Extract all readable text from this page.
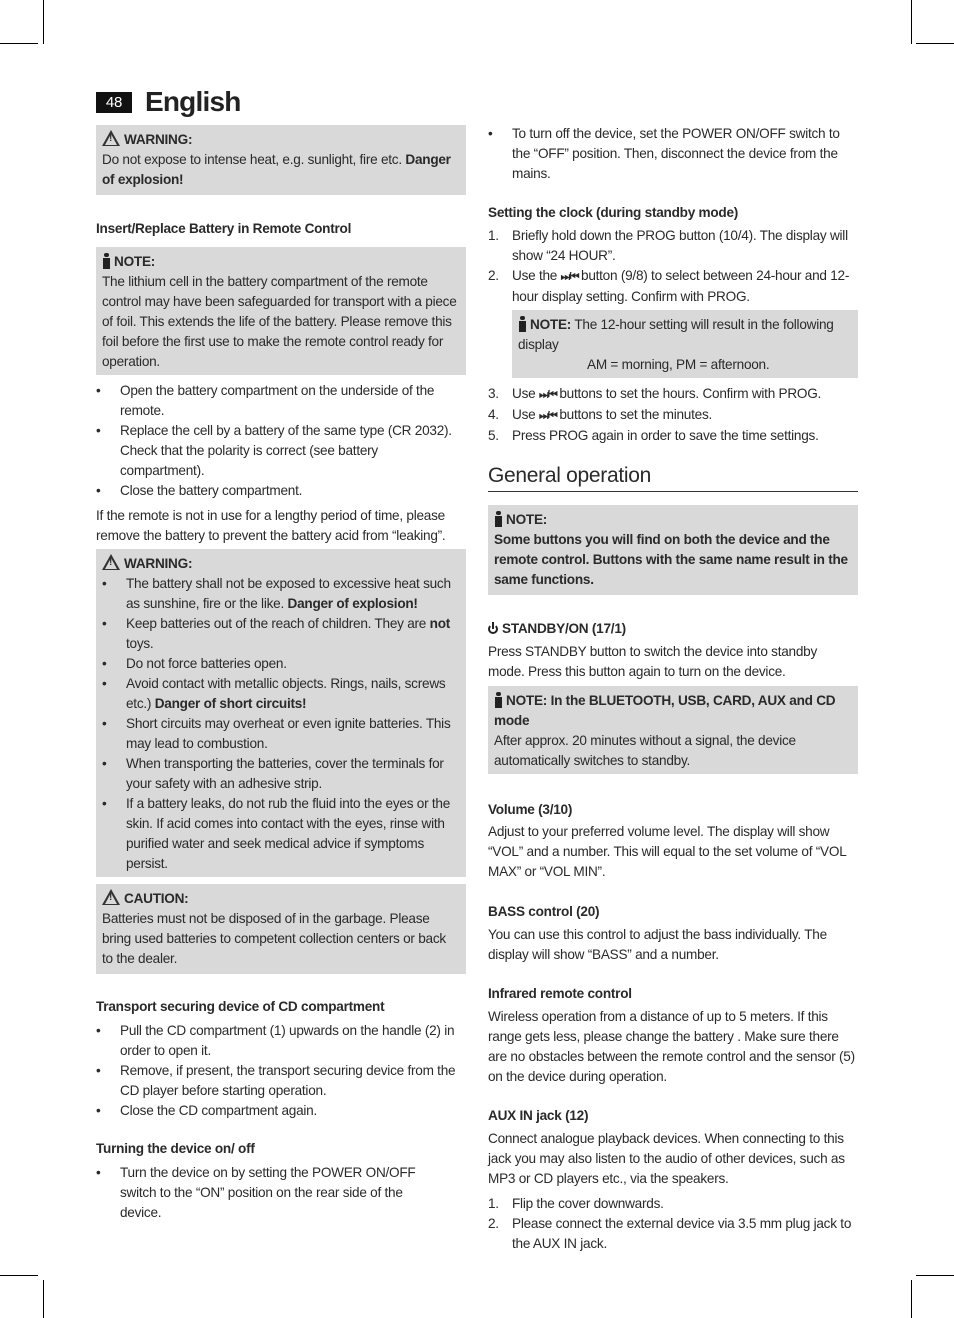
48 English

!WARNING:

Do not expose to intense heat, e.g. sunlight, fire etc. Danger of explosion!

Insert/Replace Battery in Remote Control

NOTE:

The lithium cell in the battery compartment of the remote control may have been safeguarded for transport with a piece of foil. This extends the life of the battery. Please remove this foil before the first use to make the remote control ready for operation.

• Open the battery compartment on the underside of the remote.
• Replace the cell by a battery of the same type (CR 2032). Check that the polarity is correct (see battery compartment).
• Close the battery compartment.

If the remote is not in use for a lengthy period of time, please remove the battery to prevent the battery acid from “leaking”.

!WARNING:

• The battery shall not be exposed to excessive heat such as sunshine, fire or the like. Danger of explosion!
• Keep batteries out of the reach of children. They are not toys.
• Do not force batteries open.
• Avoid contact with metallic objects. Rings, nails, screws etc.) Danger of short circuits!
• Short circuits may overheat or even ignite batteries. This may lead to combustion.
• When transporting the batteries, cover the terminals for your safety with an adhesive strip.
• If a battery leaks, do not rub the fluid into the eyes or the skin. If acid comes into contact with the eyes, rinse with purified water and seek medical advice if symptoms persist.

!CAUTION:

Batteries must not be disposed of in the garbage. Please bring used batteries to competent collection centers or back to the dealer.

Transport securing device of CD compartment

• Pull the CD compartment (1) upwards on the handle (2) in order to open it.
• Remove, if present, the transport securing device from the CD player before starting operation.
• Close the CD compartment again.

Turning the device on/ off

• Turn the device on by setting the POWER ON/OFF switch to the “ON” position on the rear side of the device.
• To turn off the device, set the POWER ON/OFF switch to the “OFF” position. Then, disconnect the device from the mains.

Setting the clock (during standby mode)

1. Briefly hold down the PROG button (10/4). The display will show “24 HOUR”.
2. Use the ⏭/⏮ button (9/8) to select between 24-hour and 12-hour display setting. Confirm with PROG.

NOTE: The 12-hour setting will result in the following display

AM = morning, PM = afternoon.

3. Use ⏭/⏮ buttons to set the hours. Confirm with PROG.
4. Use ⏭/⏮ buttons to set the minutes.
5. Press PROG again in order to save the time settings.
General operation

NOTE:

Some buttons you will find on both the device and the remote control. Buttons with the same name result in the same functions.

STANDBY/ON (17/1)

Press STANDBY button to switch the device into standby mode. Press this button again to turn on the device.

NOTE: In the BLUETOOTH, USB, CARD, AUX and CD mode

After approx. 20 minutes without a signal, the device automatically switches to standby.

Volume (3/10)

Adjust to your preferred volume level. The display will show “VOL” and a number. This will equal to the set volume of “VOL MAX” or “VOL MIN”.

BASS control (20)

You can use this control to adjust the bass individually. The display will show “BASS” and a number.

Infrared remote control

Wireless operation from a distance of up to 5 meters. If this range gets less, please change the battery . Make sure there are no obstacles between the remote control and the sensor (5) on the device during operation.

AUX IN jack (12)

Connect analogue playback devices. When connecting to this jack you may also listen to the audio of other devices, such as MP3 or CD players etc., via the speakers.

1. Flip the cover downwards.
2. Please connect the external device via 3.5 mm plug jack to the AUX IN jack.
